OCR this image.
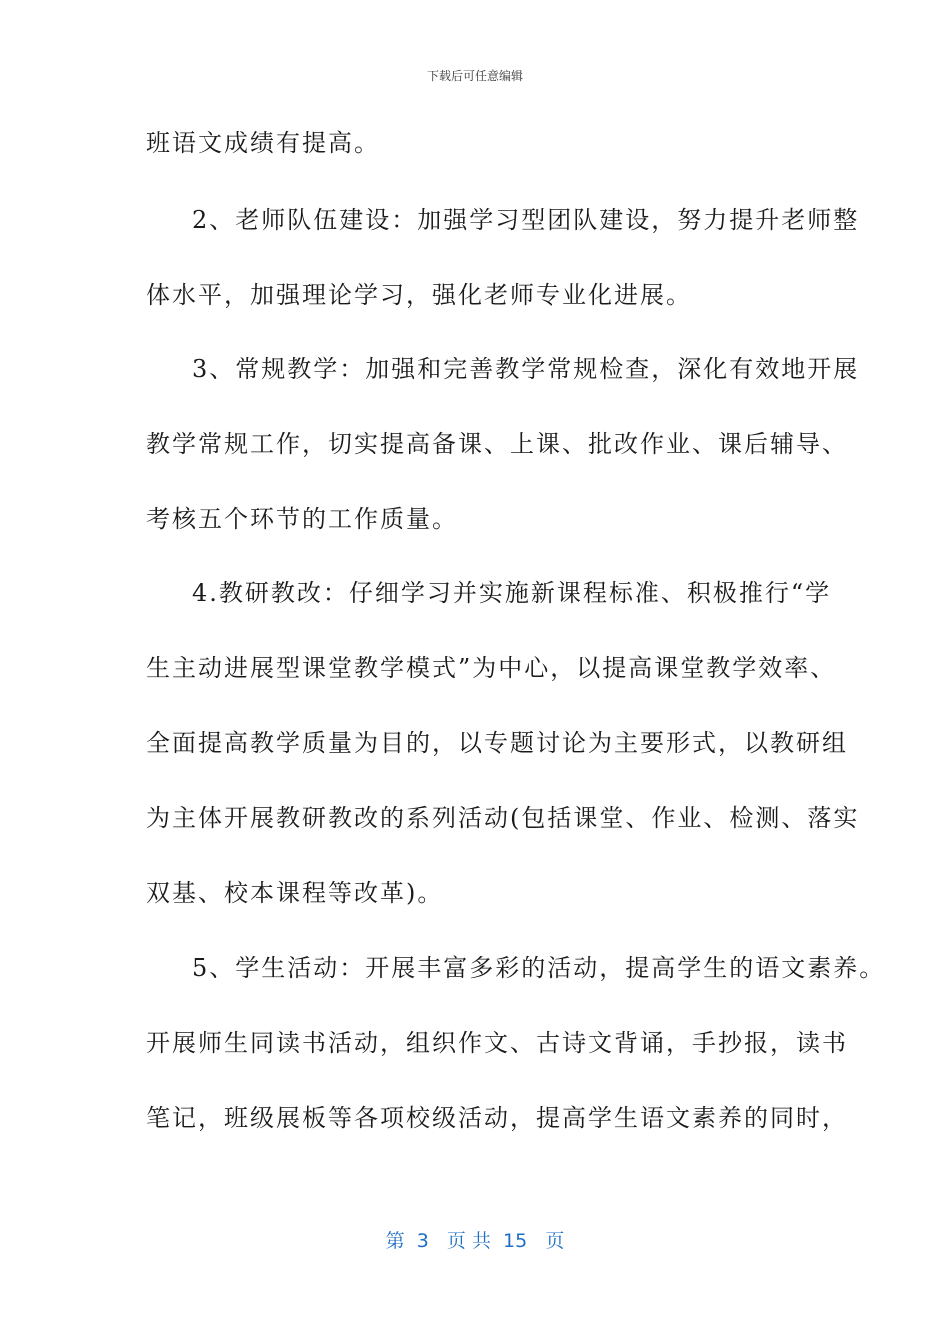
下载后可任意编辑
班语文成绩有提高。
2、老师队伍建设：加强学习型团队建设，努力提升老师整
体水平，加强理论学习，强化老师专业化进展。
3、常规教学：加强和完善教学常规检查，深化有效地开展
教学常规工作，切实提高备课、上课、批改作业、课后辅导、
考核五个环节的工作质量。
4.教研教改：仔细学习并实施新课程标准、积极推行“学
生主动进展型课堂教学模式”为中心，以提高课堂教学效率、
全面提高教学质量为目的，以专题讨论为主要形式，以教研组
为主体开展教研教改的系列活动(包括课堂、作业、检测、落实
双基、校本课程等改革)。
5、学生活动：开展丰富多彩的活动，提高学生的语文素养。
开展师生同读书活动，组织作文、古诗文背诵，手抄报，读书
笔记，班级展板等各项校级活动，提高学生语文素养的同时，
第  3   页 共  15   页
